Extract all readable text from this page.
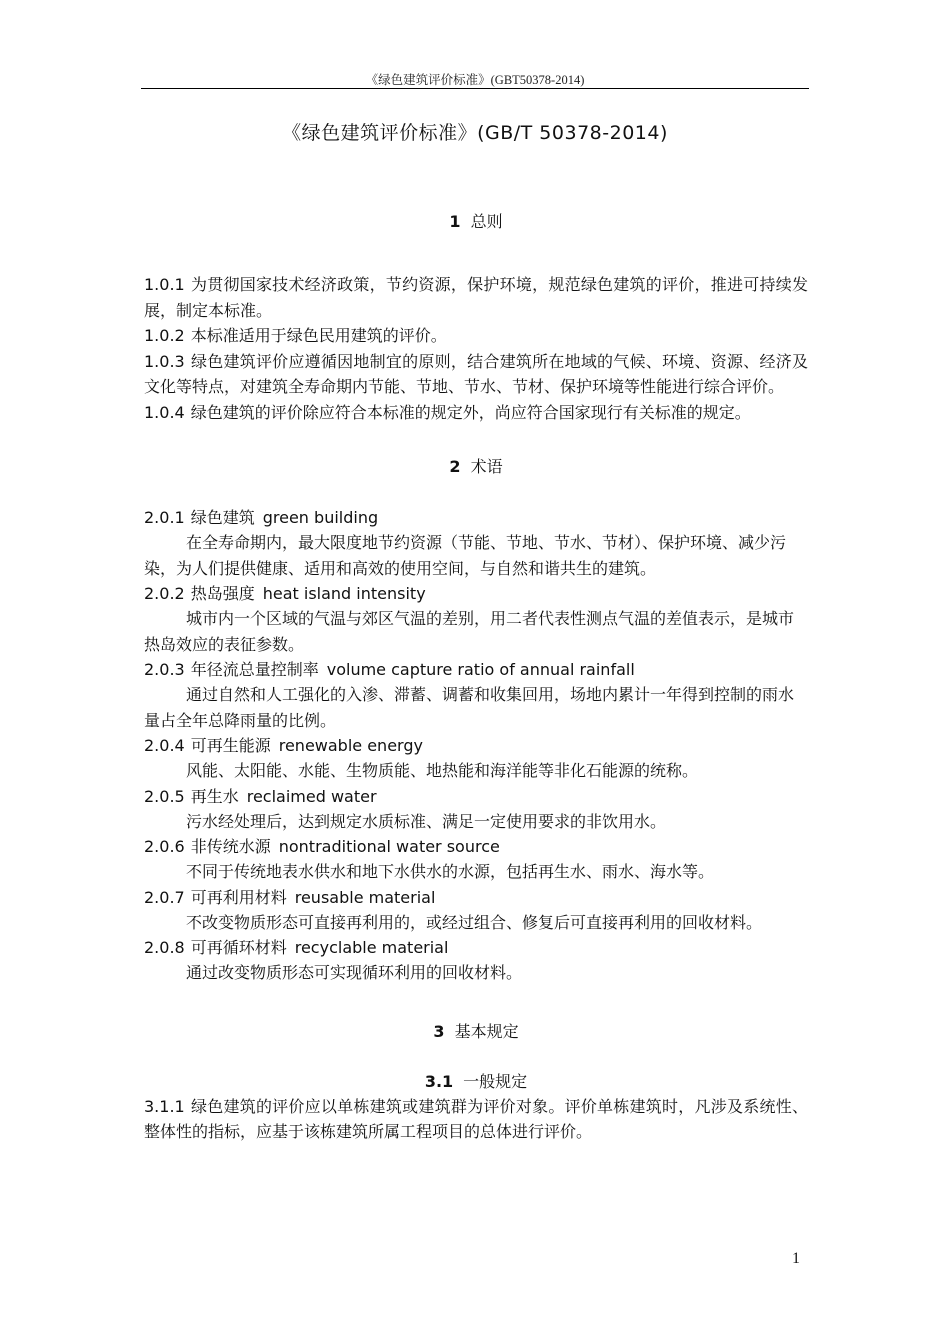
《绿色建筑评价标准》(GBT50378-2014)
《绿色建筑评价标准》(GB/T 50378-2014)
1 总则

1.0.1 为贯彻国家技术经济政策，节约资源，保护环境，规范绿色建筑的评价，推进可持续发展，制定本标准。

1.0.2 本标准适用于绿色民用建筑的评价。

1.0.3 绿色建筑评价应遵循因地制宜的原则，结合建筑所在地域的气候、环境、资源、经济及文化等特点，对建筑全寿命期内节能、节地、节水、节材、保护环境等性能进行综合评价。

1.0.4 绿色建筑的评价除应符合本标准的规定外，尚应符合国家现行有关标准的规定。

2 术语

2.0.1 绿色建筑 green building

在全寿命期内，最大限度地节约资源（节能、节地、节水、节材）、保护环境、减少污染，为人们提供健康、适用和高效的使用空间，与自然和谐共生的建筑。

2.0.2 热岛强度 heat island intensity

城市内一个区域的气温与郊区气温的差别，用二者代表性测点气温的差值表示，是城市热岛效应的表征参数。

2.0.3 年径流总量控制率 volume capture ratio of annual rainfall

通过自然和人工强化的入渗、滞蓄、调蓄和收集回用，场地内累计一年得到控制的雨水量占全年总降雨量的比例。

2.0.4 可再生能源 renewable energy

风能、太阳能、水能、生物质能、地热能和海洋能等非化石能源的统称。

2.0.5 再生水 reclaimed water

污水经处理后，达到规定水质标准、满足一定使用要求的非饮用水。

2.0.6 非传统水源 nontraditional water source

不同于传统地表水供水和地下水供水的水源，包括再生水、雨水、海水等。

2.0.7 可再利用材料 reusable material

不改变物质形态可直接再利用的，或经过组合、修复后可直接再利用的回收材料。

2.0.8 可再循环材料 recyclable material

通过改变物质形态可实现循环利用的回收材料。

3 基本规定
3.1 一般规定

3.1.1 绿色建筑的评价应以单栋建筑或建筑群为评价对象。评价单栋建筑时，凡涉及系统性、整体性的指标，应基于该栋建筑所属工程项目的总体进行评价。

1
